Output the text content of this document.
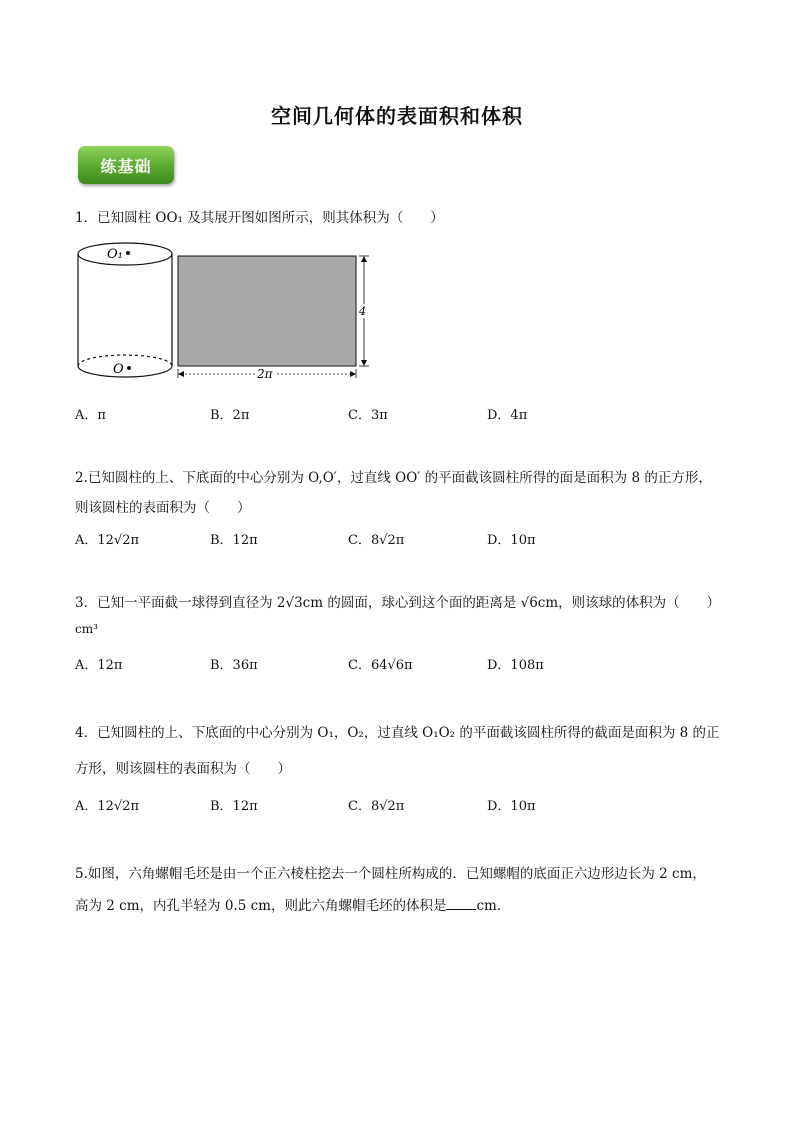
空间几何体的表面积和体积
练基础
1．已知圆柱 OO₁ 及其展开图如图所示，则其体积为（　　）
O₁
O	2π
4
A．π	B．2π	C．3π	D．4π
2.已知圆柱的上、下底面的中心分别为 O,O′，过直线 OO′ 的平面截该圆柱所得的面是面积为 8 的正方形，
则该圆柱的表面积为（　　）
A．12√2π	B．12π	C．8√2π	D．10π
3．已知一平面截一球得到直径为 2√3cm 的圆面，球心到这个面的距离是 √6cm，则该球的体积为（　　）
cm³
A．12π	B．36π	C．64√6π	D．108π
4．已知圆柱的上、下底面的中心分别为 O₁，O₂，过直线 O₁O₂ 的平面截该圆柱所得的截面是面积为 8 的正
方形，则该圆柱的表面积为（　　）
A．12√2π	B．12π	C．8√2π	D．10π
5.如图，六角螺帽毛坯是由一个正六棱柱挖去一个圆柱所构成的．已知螺帽的底面正六边形边长为 2 cm，
高为 2 cm，内孔半轻为 0.5 cm，则此六角螺帽毛坯的体积是 cm.
